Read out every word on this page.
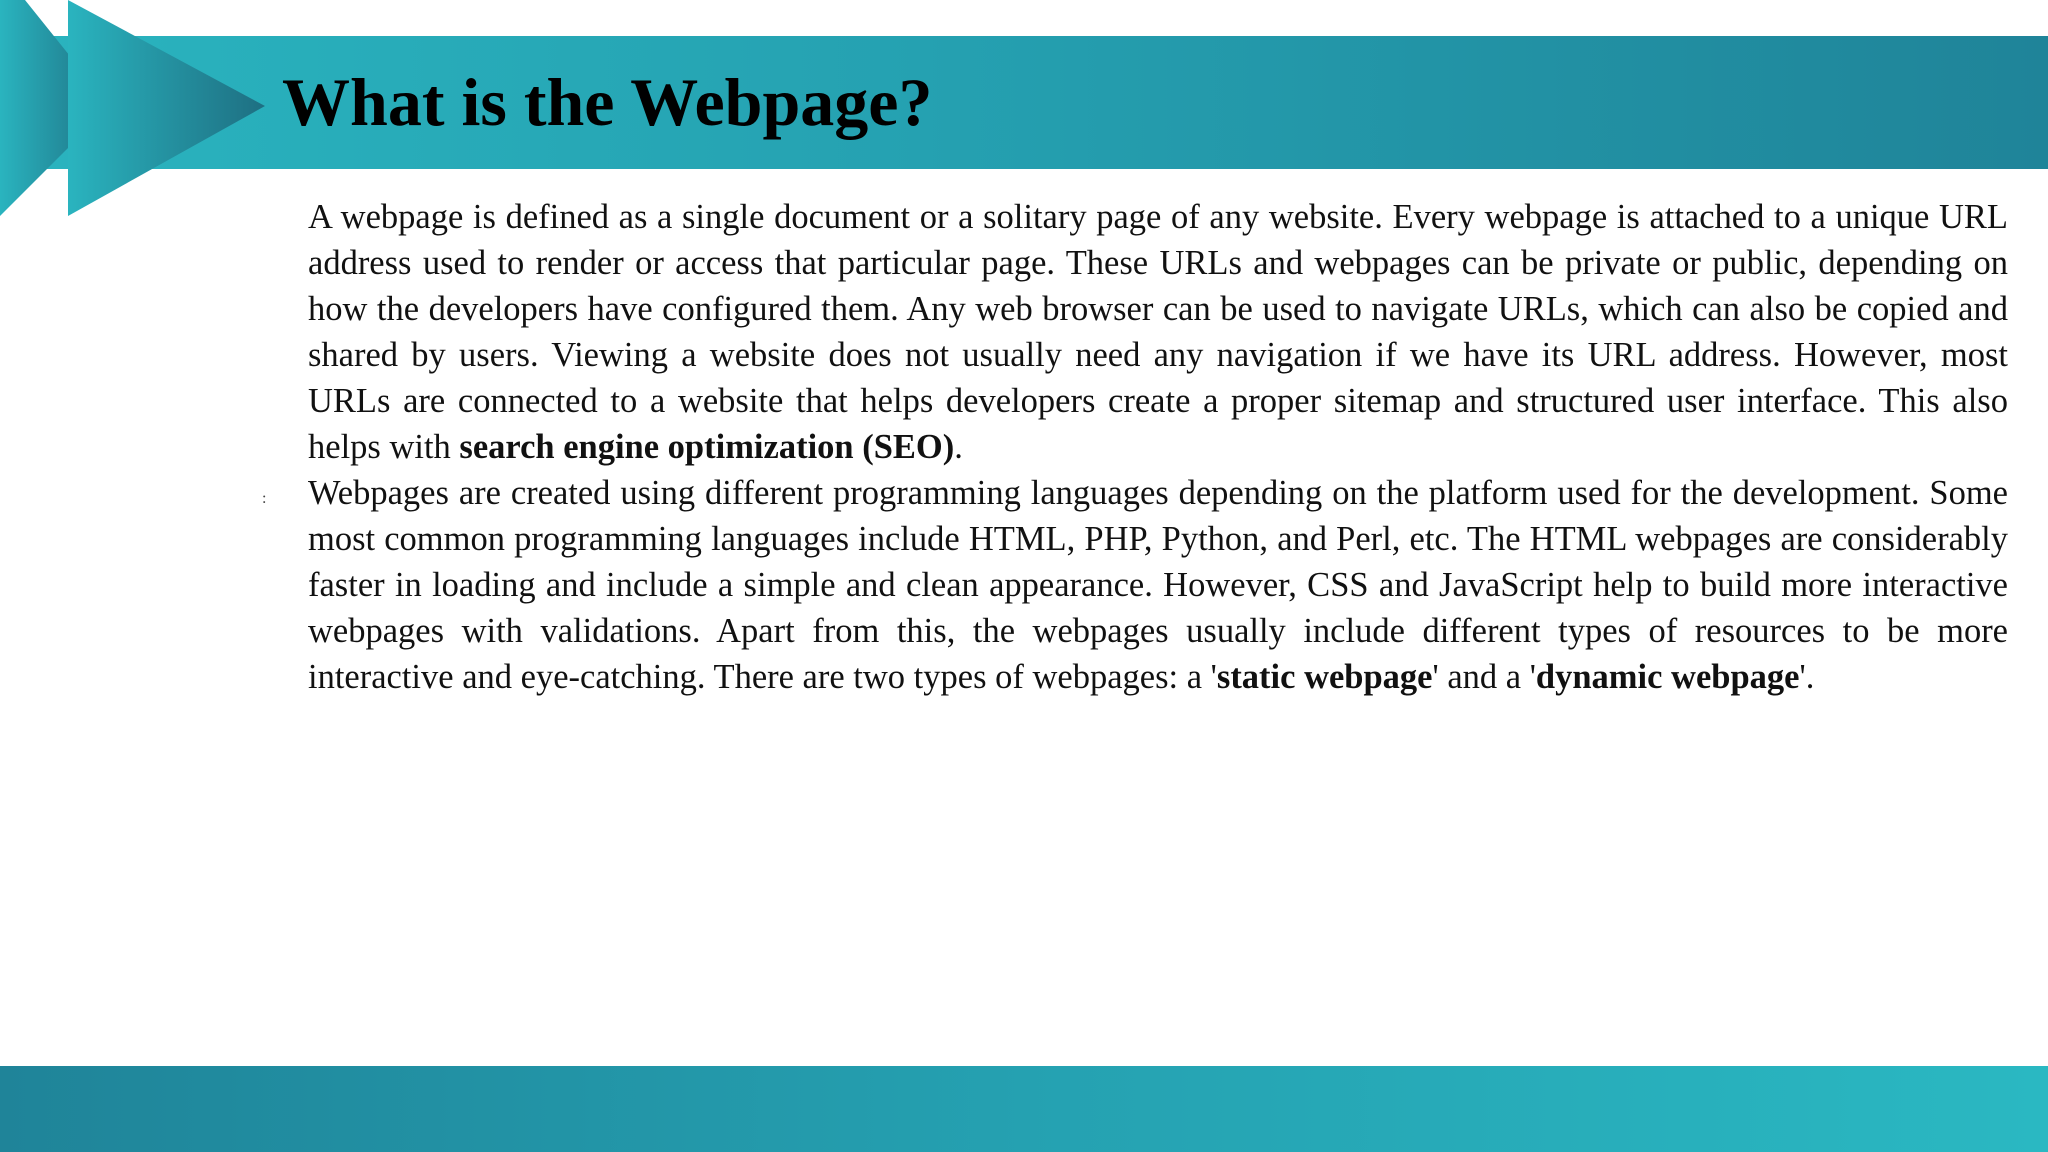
What is the Webpage?
:

A webpage is defined as a single document or a solitary page of any website. Every webpage is attached to a unique URL address used to render or access that particular page. These URLs and webpages can be private or public, depending on how the developers have configured them. Any web browser can be used to navigate URLs, which can also be copied and shared by users. Viewing a website does not usually need any navigation if we have its URL address. However, most URLs are connected to a website that helps developers create a proper sitemap and structured user interface. This also helps with search engine optimization (SEO).

Webpages are created using different programming languages depending on the platform used for the development. Some most common programming languages include HTML, PHP, Python, and Perl, etc. The HTML webpages are considerably faster in loading and include a simple and clean appearance. However, CSS and JavaScript help to build more interactive webpages with validations. Apart from this, the webpages usually include different types of resources to be more interactive and eye-catching. There are two types of webpages: a 'static webpage' and a 'dynamic webpage'.
